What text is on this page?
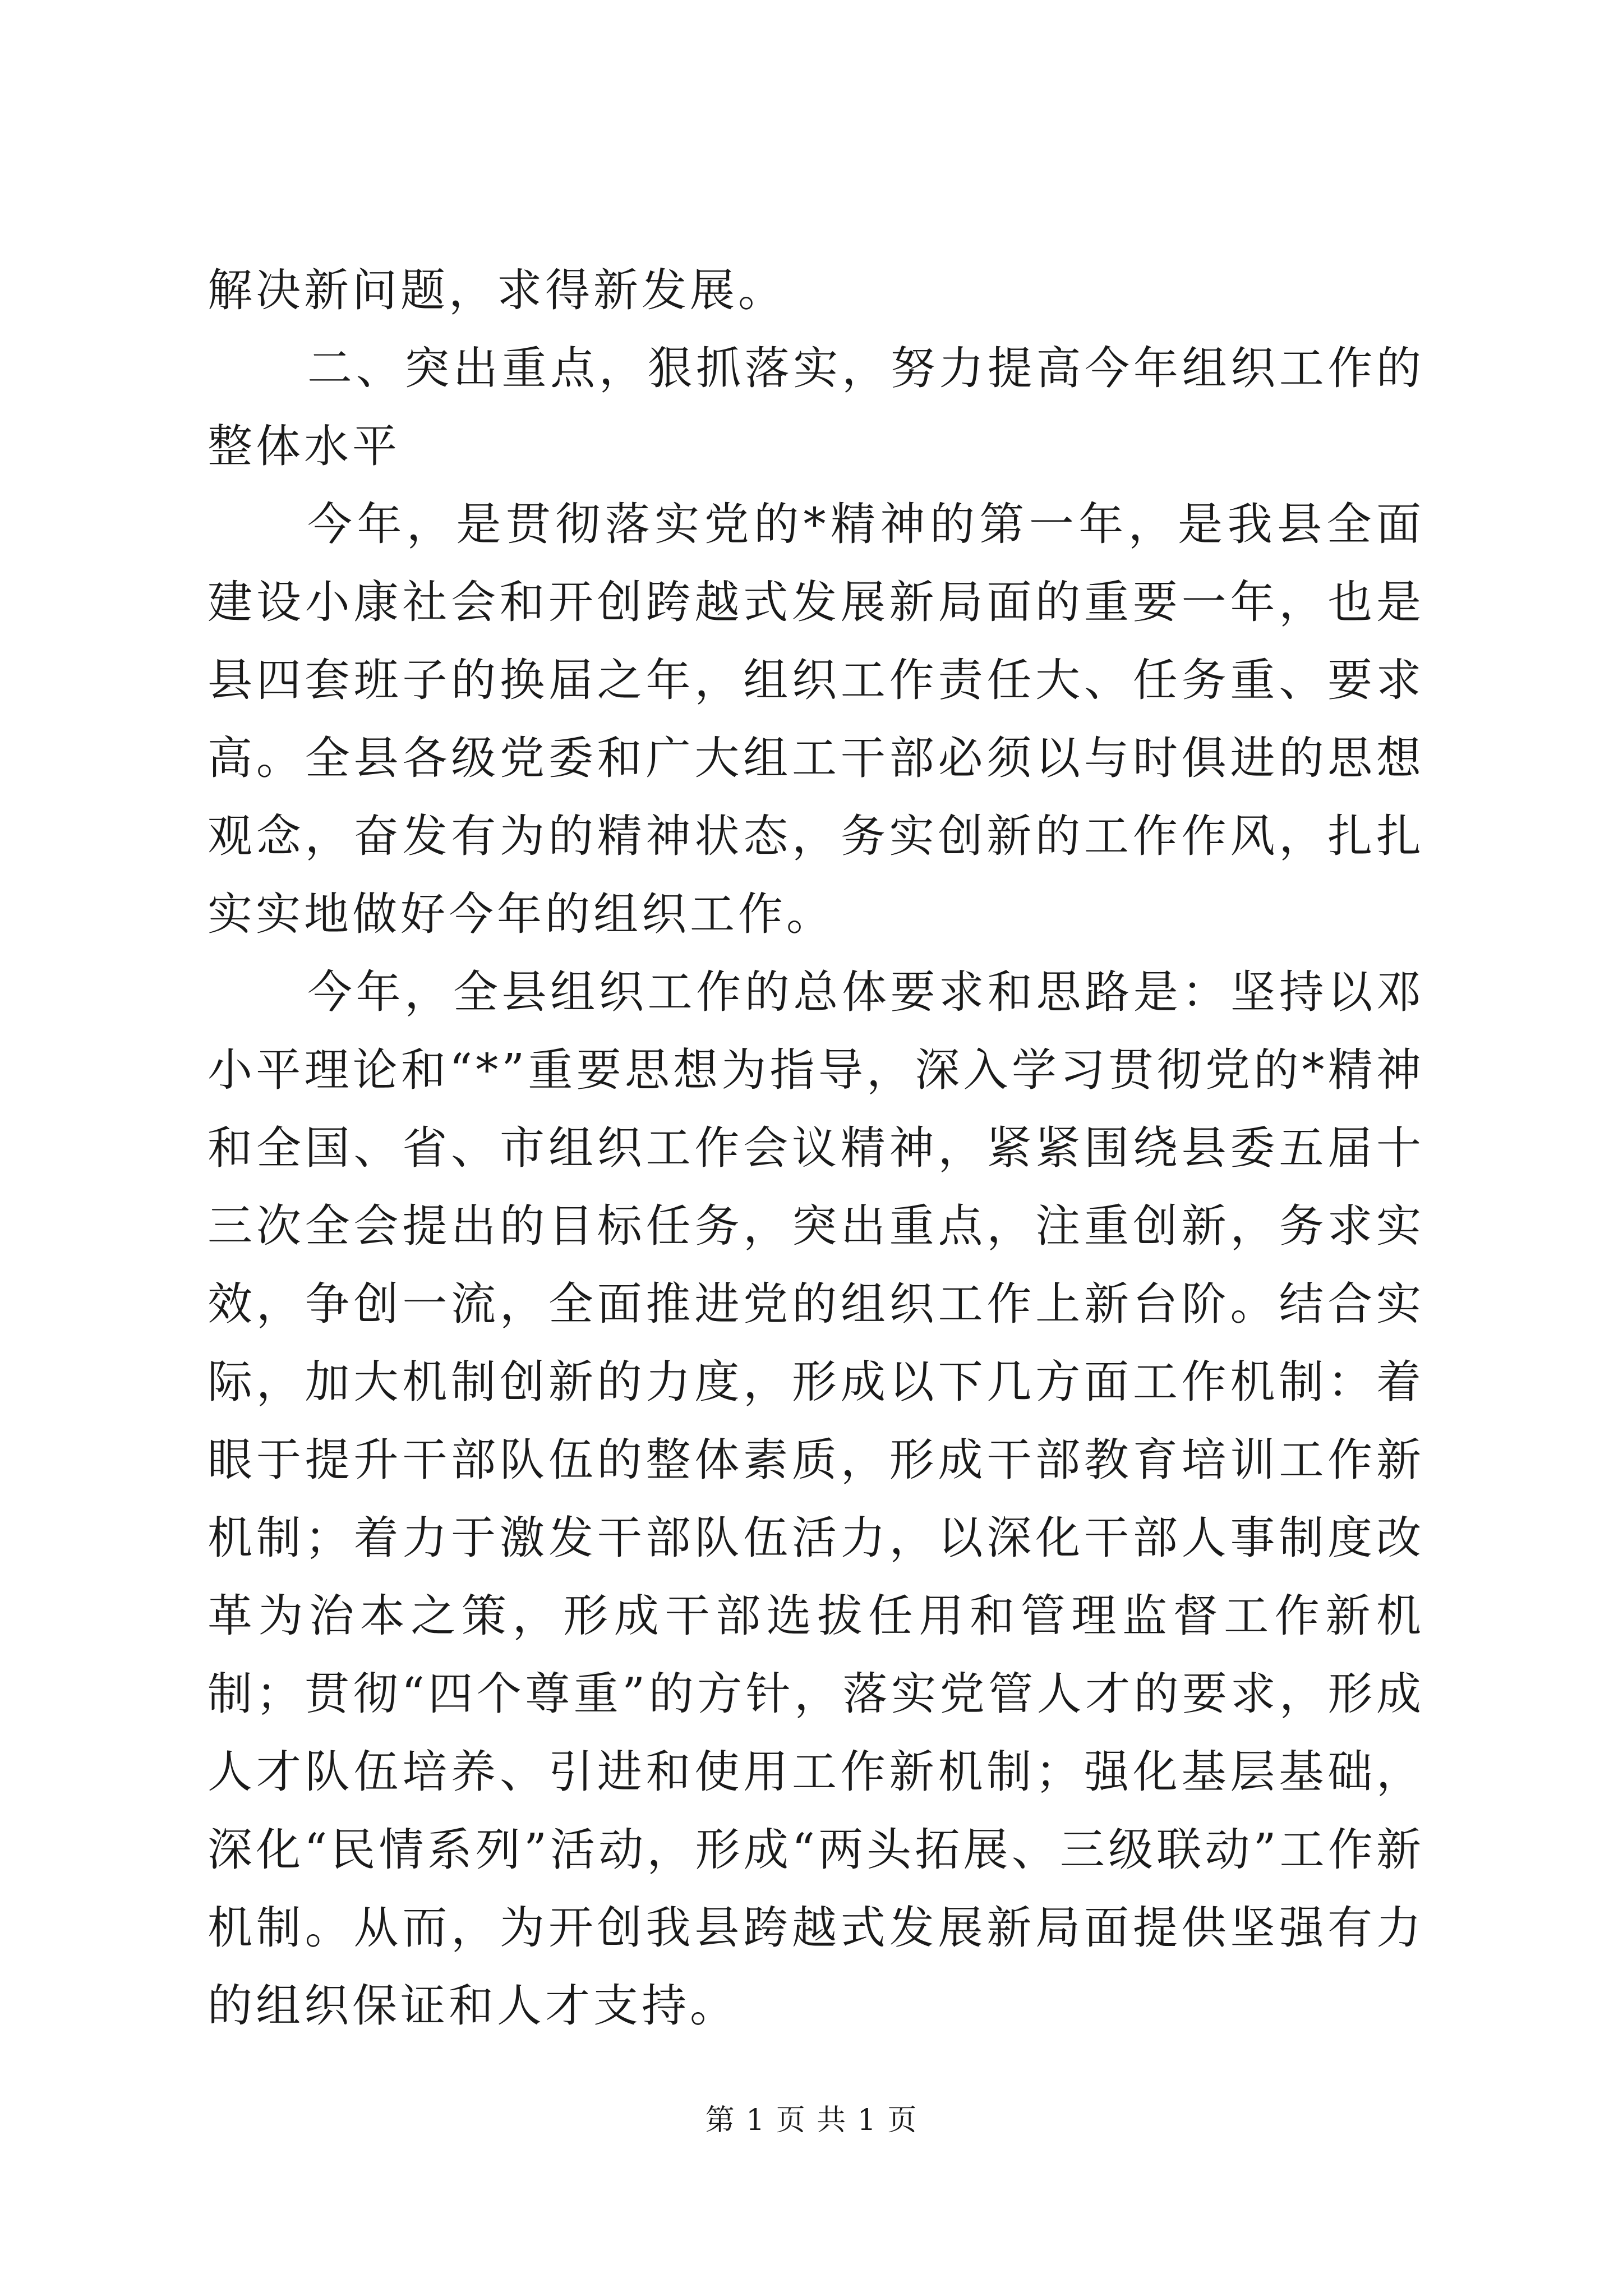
解决新问题，求得新发展。

二、突出重点，狠抓落实，努力提高今年组织工作的整体水平

今年，是贯彻落实党的*精神的第一年，是我县全面建设小康社会和开创跨越式发展新局面的重要一年，也是县四套班子的换届之年，组织工作责任大、任务重、要求高。全县各级党委和广大组工干部必须以与时俱进的思想观念，奋发有为的精神状态，务实创新的工作作风，扎扎实实地做好今年的组织工作。

今年，全县组织工作的总体要求和思路是：坚持以邓小平理论和“*”重要思想为指导，深入学习贯彻党的*精神和全国、省、市组织工作会议精神，紧紧围绕县委五届十三次全会提出的目标任务，突出重点，注重创新，务求实效，争创一流，全面推进党的组织工作上新台阶。结合实际，加大机制创新的力度，形成以下几方面工作机制：着眼于提升干部队伍的整体素质，形成干部教育培训工作新机制；着力于激发干部队伍活力，以深化干部人事制度改革为治本之策，形成干部选拔任用和管理监督工作新机制；贯彻“四个尊重”的方针，落实党管人才的要求，形成人才队伍培养、引进和使用工作新机制；强化基层基础，深化“民情系列”活动，形成“两头拓展、三级联动”工作新机制。从而，为开创我县跨越式发展新局面提供坚强有力的组织保证和人才支持。

第 1 页 共 1 页
